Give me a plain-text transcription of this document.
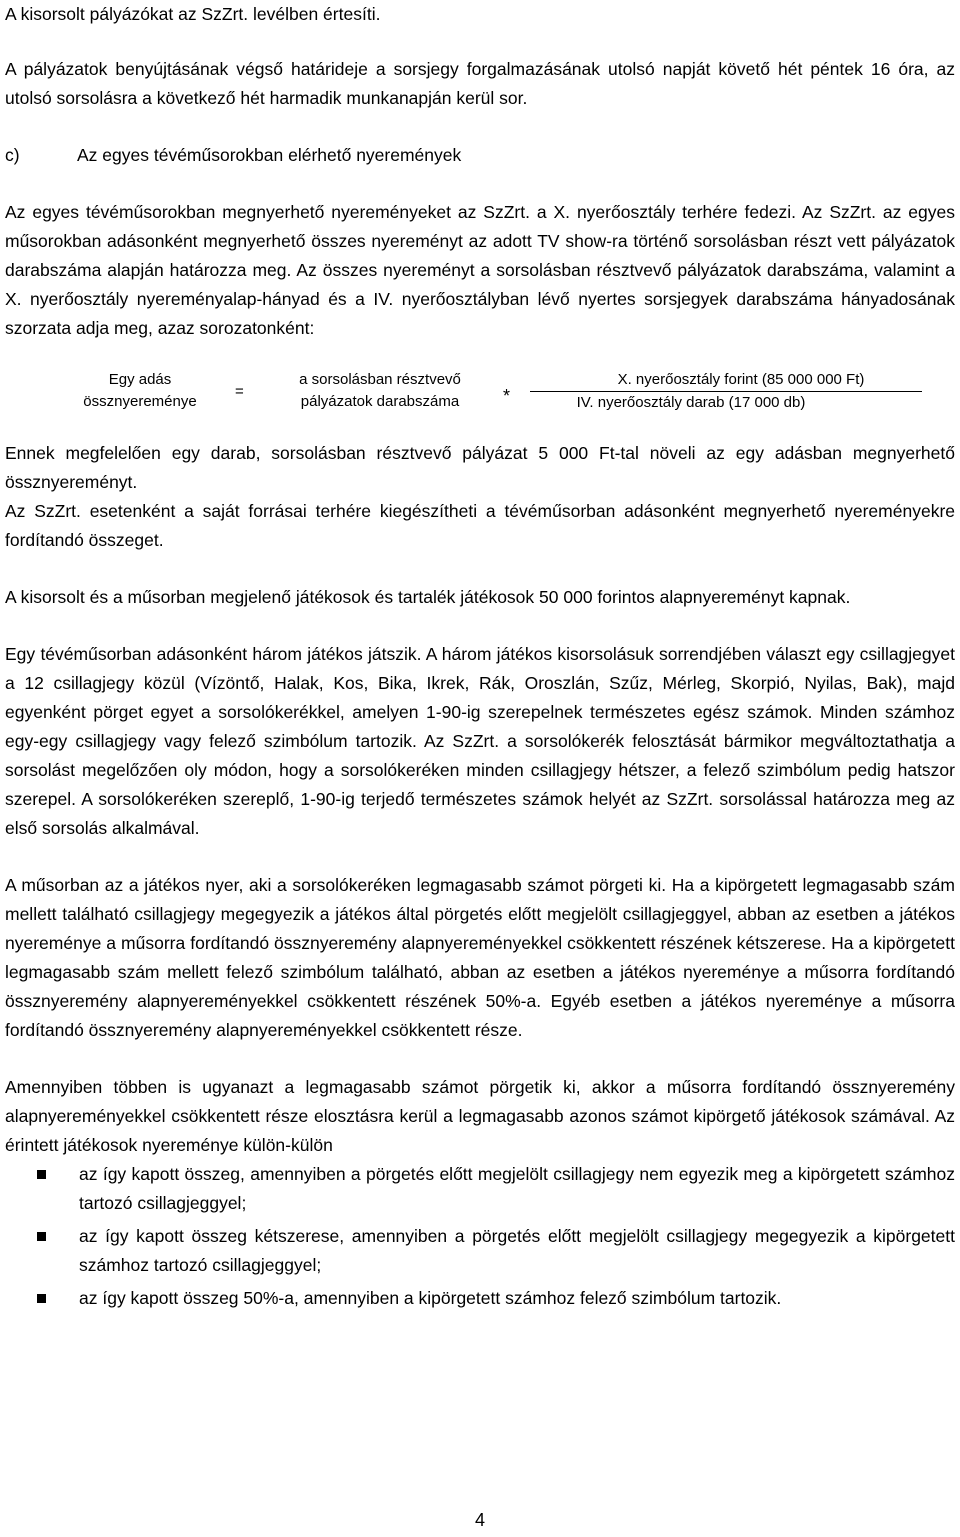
A kisorsolt pályázókat az SzZrt. levélben értesíti.

A pályázatok benyújtásának végső határideje a sorsjegy forgalmazásának utolsó napját követő hét péntek 16 óra, az utolsó sorsolásra a következő hét harmadik munkanapján kerül sor.

c)	Az egyes tévéműsorokban elérhető nyeremények

Az egyes tévéműsorokban megnyerhető nyereményeket az SzZrt. a X. nyerőosztály terhére fedezi. Az SzZrt. az egyes műsorokban adásonként megnyerhető összes nyereményt az adott TV show-ra történő sorsolásban részt vett pályázatok darabszáma alapján határozza meg. Az összes nyereményt a sorsolásban résztvevő pályázatok darabszáma, valamint a X. nyerőosztály nyereményalap-hányad és a IV. nyerőosztályban lévő nyertes sorsjegyek darabszáma hányadosának szorzata adja meg, azaz sorozatonként:

Egy adás
össznyereménye
=
a sorsolásban résztvevő
pályázatok darabszáma	*
X. nyerőosztály forint (85 000 000 Ft)
IV. nyerőosztály darab (17 000 db)

Ennek megfelelően egy darab, sorsolásban résztvevő pályázat 5 000 Ft-tal növeli az egy adásban megnyerhető össznyereményt.

Az SzZrt. esetenként a saját forrásai terhére kiegészítheti a tévéműsorban adásonként megnyerhető nyereményekre fordítandó összeget.

A kisorsolt és a műsorban megjelenő játékosok és tartalék játékosok 50 000 forintos alapnyereményt kapnak.

Egy tévéműsorban adásonként három játékos játszik. A három játékos kisorsolásuk sorrendjében választ egy csillagjegyet a 12 csillagjegy közül (Vízöntő, Halak, Kos, Bika, Ikrek, Rák, Oroszlán, Szűz, Mérleg, Skorpió, Nyilas, Bak), majd egyenként pörget egyet a sorsolókerékkel, amelyen 1-90-ig szerepelnek természetes egész számok. Minden számhoz egy-egy csillagjegy vagy felező szimbólum tartozik. Az SzZrt. a sorsolókerék felosztását bármikor megváltoztathatja a sorsolást megelőzően oly módon, hogy a sorsolókeréken minden csillagjegy hétszer, a felező szimbólum pedig hatszor szerepel. A sorsolókeréken szereplő, 1-90-ig terjedő természetes számok helyét az SzZrt. sorsolással határozza meg az első sorsolás alkalmával.

A műsorban az a játékos nyer, aki a sorsolókeréken legmagasabb számot pörgeti ki. Ha a kipörgetett legmagasabb szám mellett található csillagjegy megegyezik a játékos által pörgetés előtt megjelölt csillagjeggyel, abban az esetben a játékos nyereménye a műsorra fordítandó össznyeremény alapnyereményekkel csökkentett részének kétszerese. Ha a kipörgetett legmagasabb szám mellett felező szimbólum található, abban az esetben a játékos nyereménye a műsorra fordítandó össznyeremény alapnyereményekkel csökkentett részének 50%-a. Egyéb esetben a játékos nyereménye a műsorra fordítandó össznyeremény alapnyereményekkel csökkentett része.

Amennyiben többen is ugyanazt a legmagasabb számot pörgetik ki, akkor a műsorra fordítandó össznyeremény alapnyereményekkel csökkentett része elosztásra kerül a legmagasabb azonos számot kipörgető játékosok számával. Az érintett játékosok nyereménye külön-külön

az így kapott összeg, amennyiben a pörgetés előtt megjelölt csillagjegy nem egyezik meg a kipörgetett számhoz tartozó csillagjeggyel;
az így kapott összeg kétszerese, amennyiben a pörgetés előtt megjelölt csillagjegy megegyezik a kipörgetett számhoz tartozó csillagjeggyel;
az így kapott összeg 50%-a, amennyiben a kipörgetett számhoz felező szimbólum tartozik.
4
